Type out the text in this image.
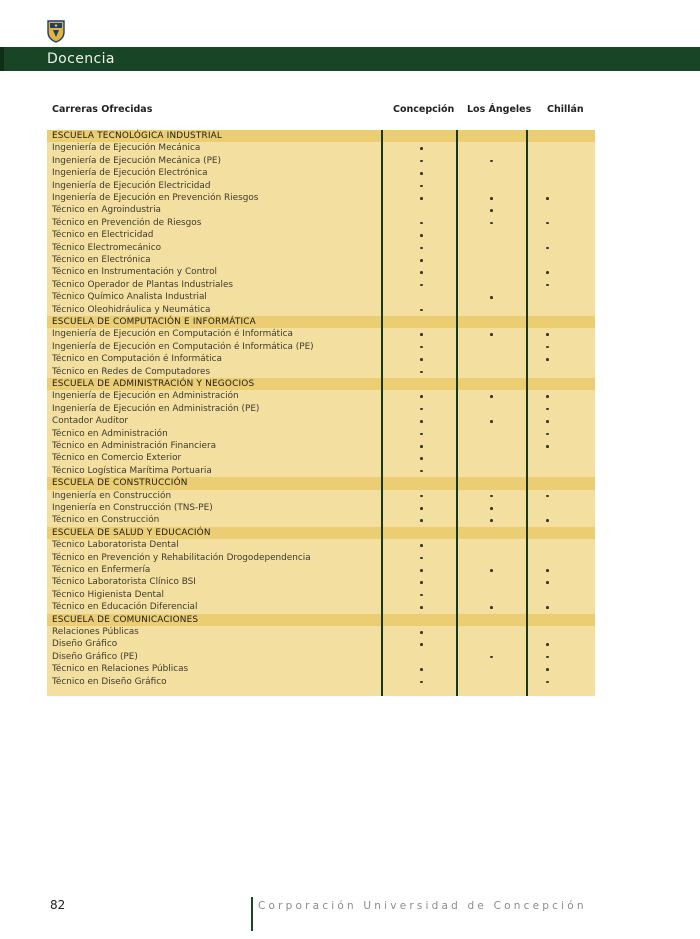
Docencia
Carreras Ofrecidas	Concepción Los Ángeles Chillán
Técnico en Diseño Gráfico
Técnico en Relaciones Públicas
Diseño Gráfico (PE)
Diseño Gráfico
Relaciones Públicas
ESCUELA DE COMUNICACIONES
Técnico en Educación Diferencial
Técnico Higienista Dental
Técnico Laboratorista Clínico BSI
Técnico en Enfermería
Técnico en Prevención y Rehabilitación Drogodependencia
Técnico Laboratorista Dental
ESCUELA DE SALUD Y EDUCACIÓN
Técnico en Construcción
Ingeniería en Construcción (TNS-PE)
Ingeniería en Construcción
ESCUELA DE CONSTRUCCIÓN
Técnico Logística Marítima Portuaria
Técnico en Comercio Exterior
Técnico en Administración Financiera
Técnico en Administración
Contador Auditor
Ingeniería de Ejecución en Administración (PE)
Ingeniería de Ejecución en Administración
ESCUELA DE ADMINISTRACIÓN Y NEGOCIOS
Técnico en Redes de Computadores
Técnico en Computación é Informática
Ingeniería de Ejecución en Computación é Informática (PE)
Ingeniería de Ejecución en Computación é Informática
ESCUELA DE COMPUTACIÓN E INFORMÁTICA
Técnico Oleohidráulica y Neumática
Técnico Químico Analista Industrial
Técnico Operador de Plantas Industriales
Técnico en Instrumentación y Control
Técnico en Electrónica
Técnico Electromecánico
Técnico en Electricidad
Técnico en Prevención de Riesgos
Técnico en Agroindustria
Ingeniería de Ejecución en Prevención Riesgos
Ingeniería de Ejecución Electricidad
Ingeniería de Ejecución Electrónica
Ingeniería de Ejecución Mecánica (PE)
Ingeniería de Ejecución Mecánica
ESCUELA TECNOLÓGICA INDUSTRIAL
82	Corporación Universidad de Concepción
